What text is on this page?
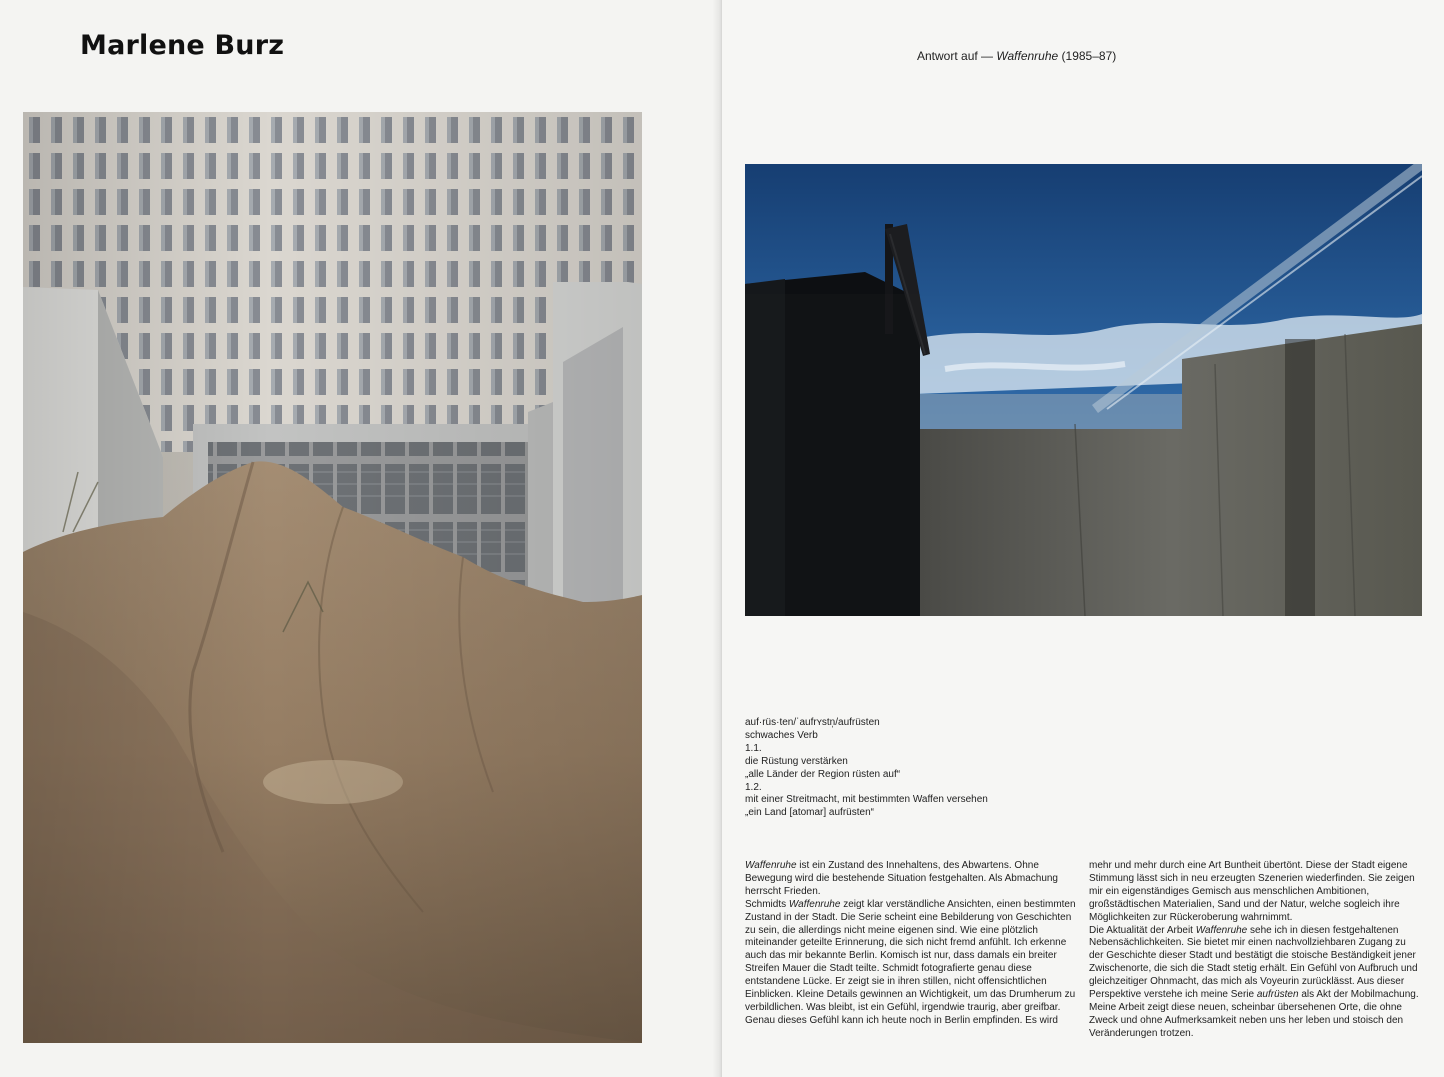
Marlene Burz	Antwort auf — Waffenruhe (1985–87)
auf·rüs·ten/ˈaufrʏstn̩/aufrüsten
schwaches Verb
1.1.
die Rüstung verstärken
„alle Länder der Region rüsten auf“
1.2.
mit einer Streitmacht, mit bestimmten Waffen versehen
„ein Land [atomar] aufrüsten“

Waffenruhe ist ein Zustand des Innehaltens, des Abwartens. Ohne Bewegung wird die bestehende Situation festgehalten. Als Abmachung herrscht Frieden.

Schmidts Waffenruhe zeigt klar verständliche Ansichten, einen bestimmten Zustand in der Stadt. Die Serie scheint eine Bebilderung von Geschichten zu sein, die allerdings nicht meine eigenen sind. Wie eine plötzlich miteinander geteilte Erinnerung, die sich nicht fremd anfühlt. Ich erkenne auch das mir bekannte Berlin. Komisch ist nur, dass damals ein breiter Streifen Mauer die Stadt teilte. Schmidt fotografierte genau diese entstandene Lücke. Er zeigt sie in ihren stillen, nicht offensichtlichen Einblicken. Kleine Details gewinnen an Wichtigkeit, um das Drumherum zu verbildlichen. Was bleibt, ist ein Gefühl, irgendwie traurig, aber greifbar.

Genau dieses Gefühl kann ich heute noch in Berlin empfinden. Es wird

mehr und mehr durch eine Art Buntheit übertönt. Diese der Stadt eigene Stimmung lässt sich in neu erzeugten Szenerien wiederfinden. Sie zeigen mir ein eigenständiges Gemisch aus menschlichen Ambitionen, großstädtischen Materialien, Sand und der Natur, welche sogleich ihre Möglichkeiten zur Rückeroberung wahrnimmt.

Die Aktualität der Arbeit Waffenruhe sehe ich in diesen festgehaltenen Nebensächlichkeiten. Sie bietet mir einen nachvollziehbaren Zugang zu der Geschichte dieser Stadt und bestätigt die stoische Beständigkeit jener Zwischenorte, die sich die Stadt stetig erhält. Ein Gefühl von Aufbruch und gleichzeitiger Ohnmacht, das mich als Voyeurin zurücklässt. Aus dieser Perspektive verstehe ich meine Serie aufrüsten als Akt der Mobilmachung. Meine Arbeit zeigt diese neuen, scheinbar übersehenen Orte, die ohne Zweck und ohne Aufmerksamkeit neben uns her leben und stoisch den Veränderungen trotzen.
